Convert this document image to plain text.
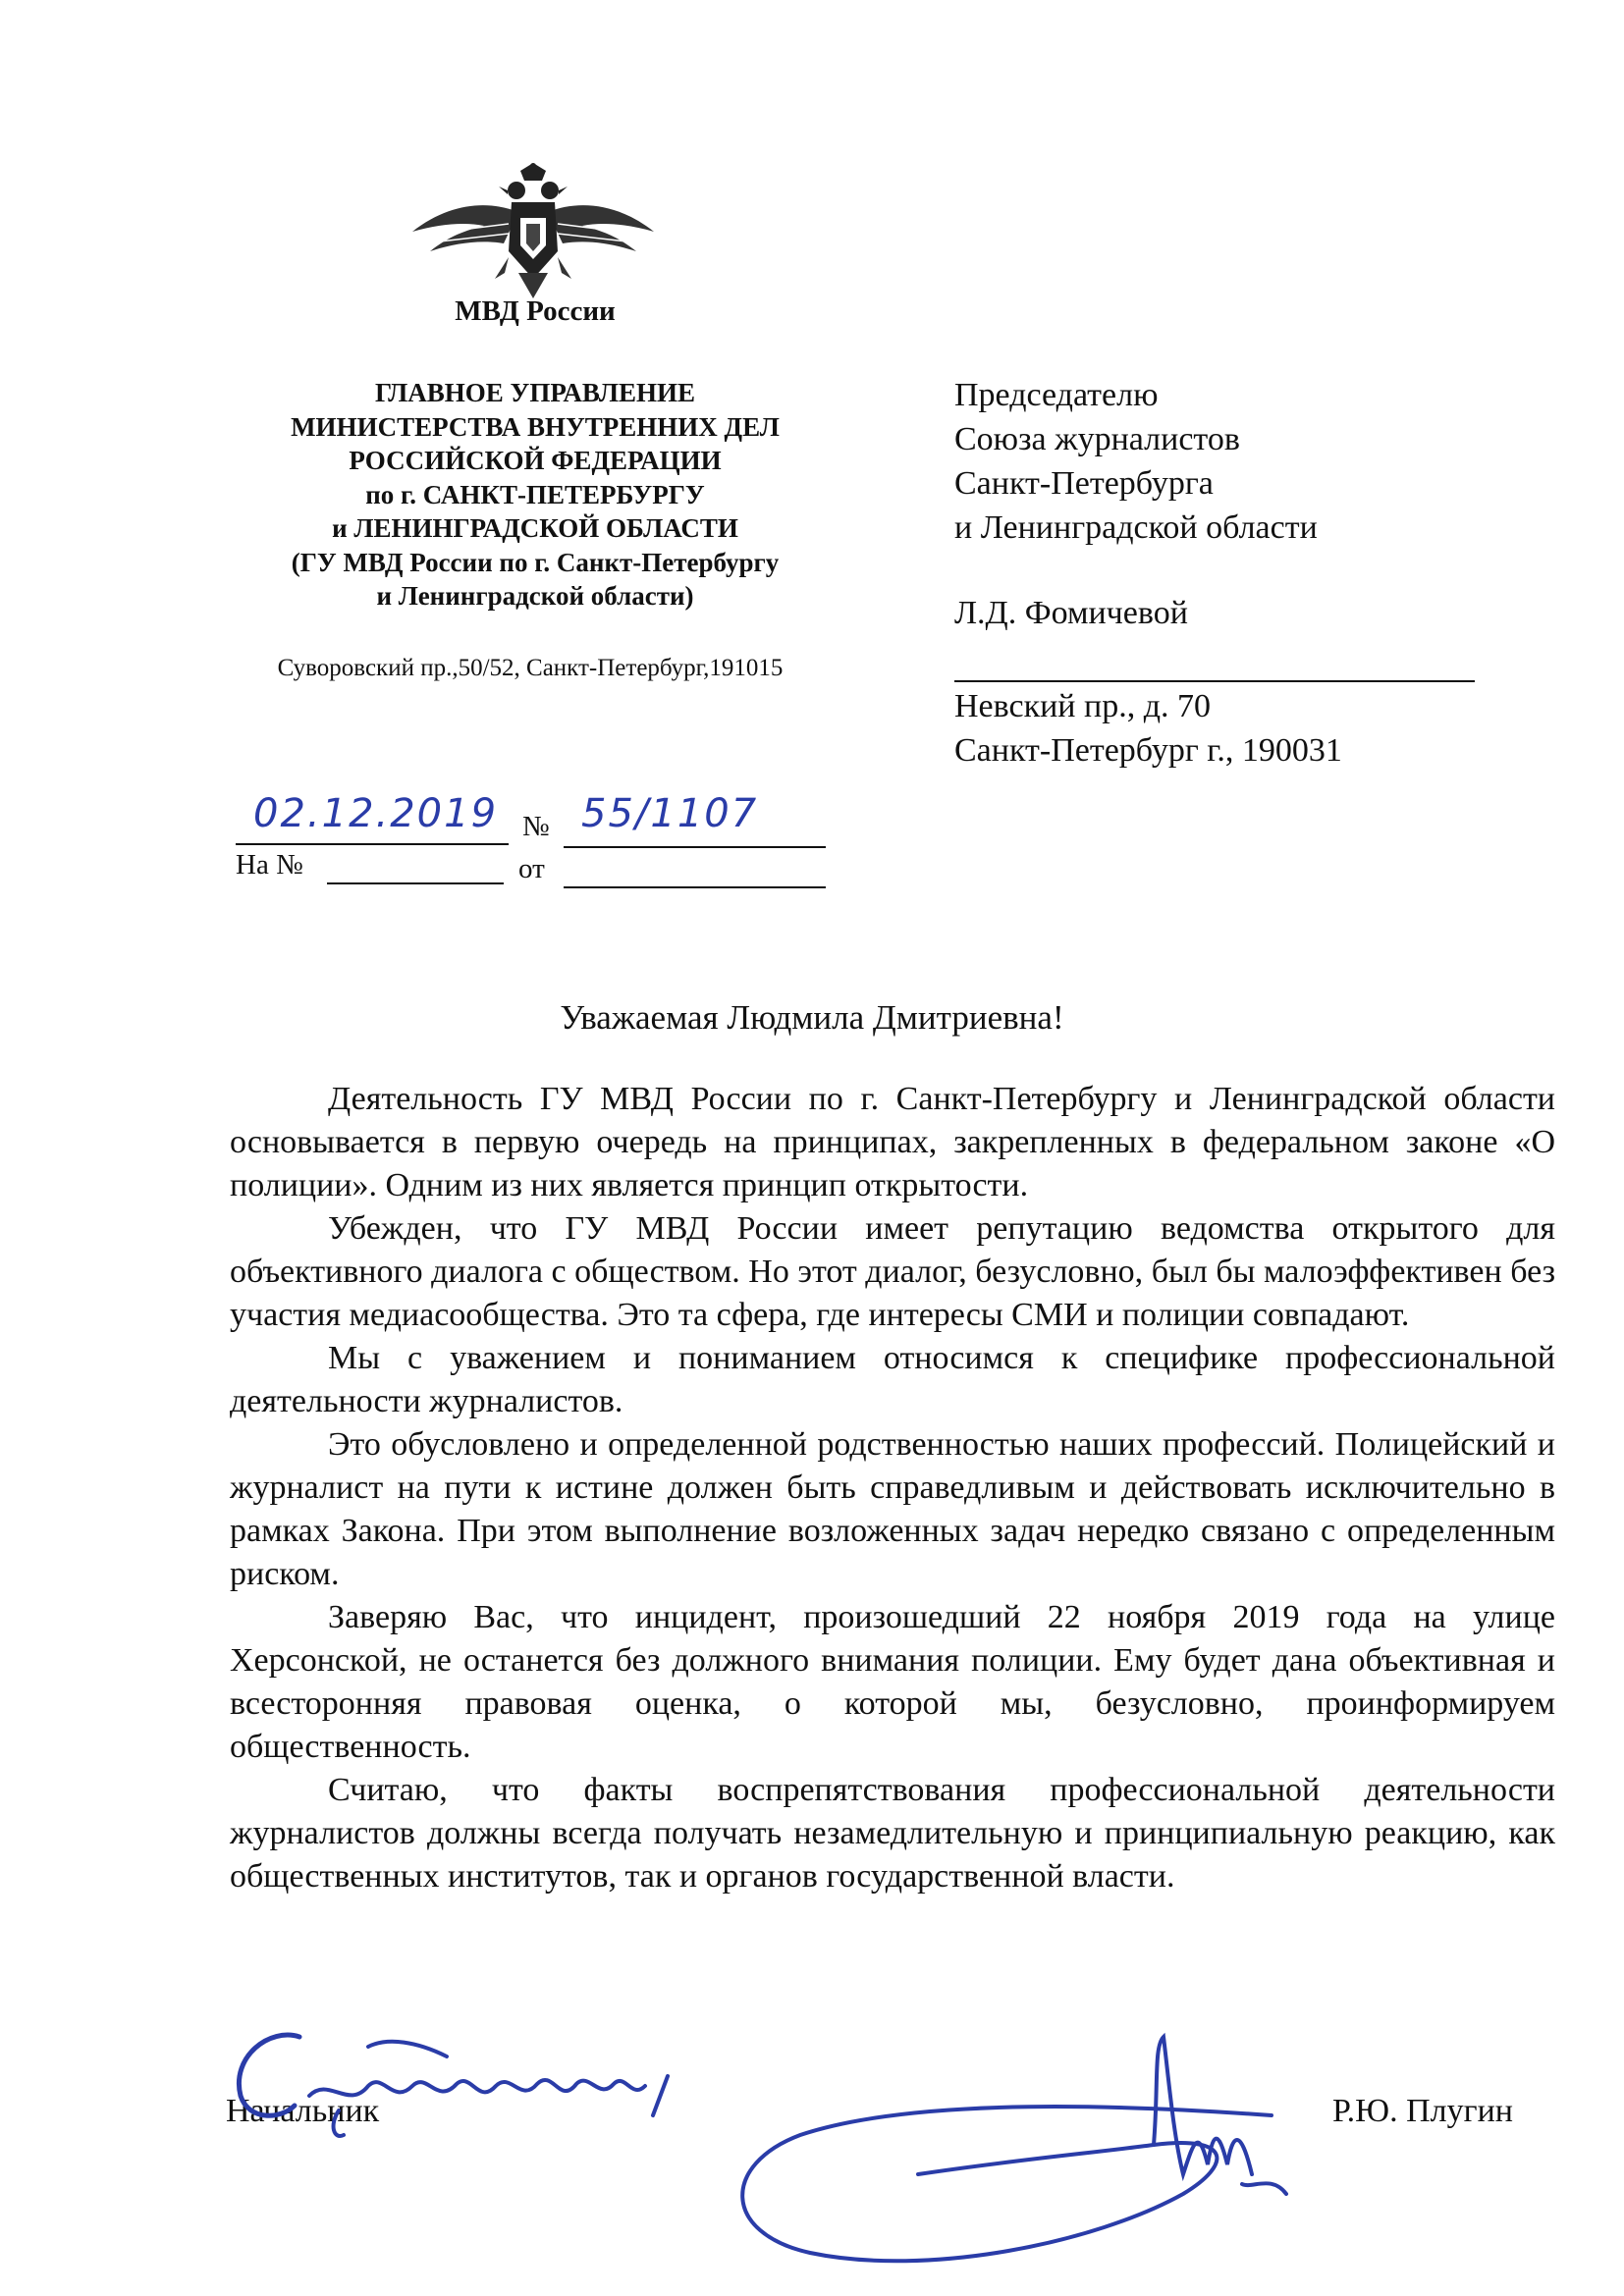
МВД России
ГЛАВНОЕ УПРАВЛЕНИЕ
МИНИСТЕРСТВА ВНУТРЕННИХ ДЕЛ
РОССИЙСКОЙ ФЕДЕРАЦИИ
по г. САНКТ-ПЕТЕРБУРГУ
и ЛЕНИНГРАДСКОЙ ОБЛАСТИ
(ГУ МВД России по г. Санкт-Петербургу
и Ленинградской области)
Суворовский пр.,50/52, Санкт-Петербург,191015
Председателю
Союза журналистов
Санкт-Петербурга
и Ленинградской области
Л.Д. Фомичевой
Невский пр., д. 70
Санкт-Петербург г., 190031
02.12.2019 № 55/1107
На №	от
Уважаемая Людмила Дмитриевна!

Деятельность ГУ МВД России по г. Санкт-Петербургу и Ленинградской области основывается в первую очередь на принципах, закрепленных в федеральном законе «О полиции». Одним из них является принцип открытости.

Убежден, что ГУ МВД России имеет репутацию ведомства открытого для объективного диалога с обществом. Но этот диалог, безусловно, был бы малоэффективен без участия медиасообщества. Это та сфера, где интересы СМИ и полиции совпадают.

Мы с уважением и пониманием относимся к специфике профессиональной деятельности журналистов.

Это обусловлено и определенной родственностью наших профессий. Полицейский и журналист на пути к истине должен быть справедливым и действовать исключительно в рамках Закона. При этом выполнение возложенных задач нередко связано с определенным риском.

Заверяю Вас, что инцидент, произошедший 22 ноября 2019 года на улице Херсонской, не останется без должного внимания полиции. Ему будет дана объективная и всесторонняя правовая оценка, о которой мы, безусловно, проинформируем общественность.

Считаю, что факты воспрепятствования профессиональной деятельности журналистов должны всегда получать незамедлительную и принципиальную реакцию, как общественных институтов, так и органов государственной власти.

Начальник	Р.Ю. Плугин
